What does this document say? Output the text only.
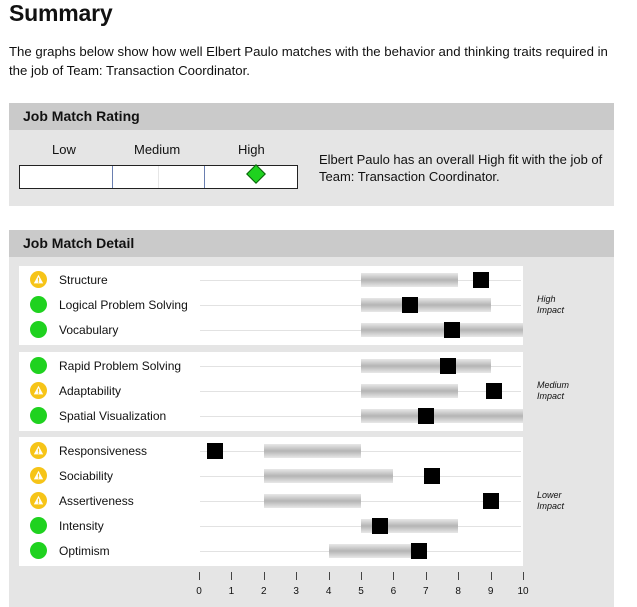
Summary
The graphs below show how well Elbert Paulo matches with the behavior and thinking traits required in the job of Team: Transaction Coordinator.
Job Match Rating
Low	Medium	High
Elbert Paulo has an overall High fit with the job of Team: Transaction Coordinator.
Job Match Detail
Structure
Logical Problem Solving
Vocabulary
Rapid Problem Solving
Adaptability
Spatial Visualization
Responsiveness
Sociability
Assertiveness
Intensity
Optimism
0	1	2	3	4	5	6	7	8	9	10
High
Impact
Medium
Impact
Lower
Impact
